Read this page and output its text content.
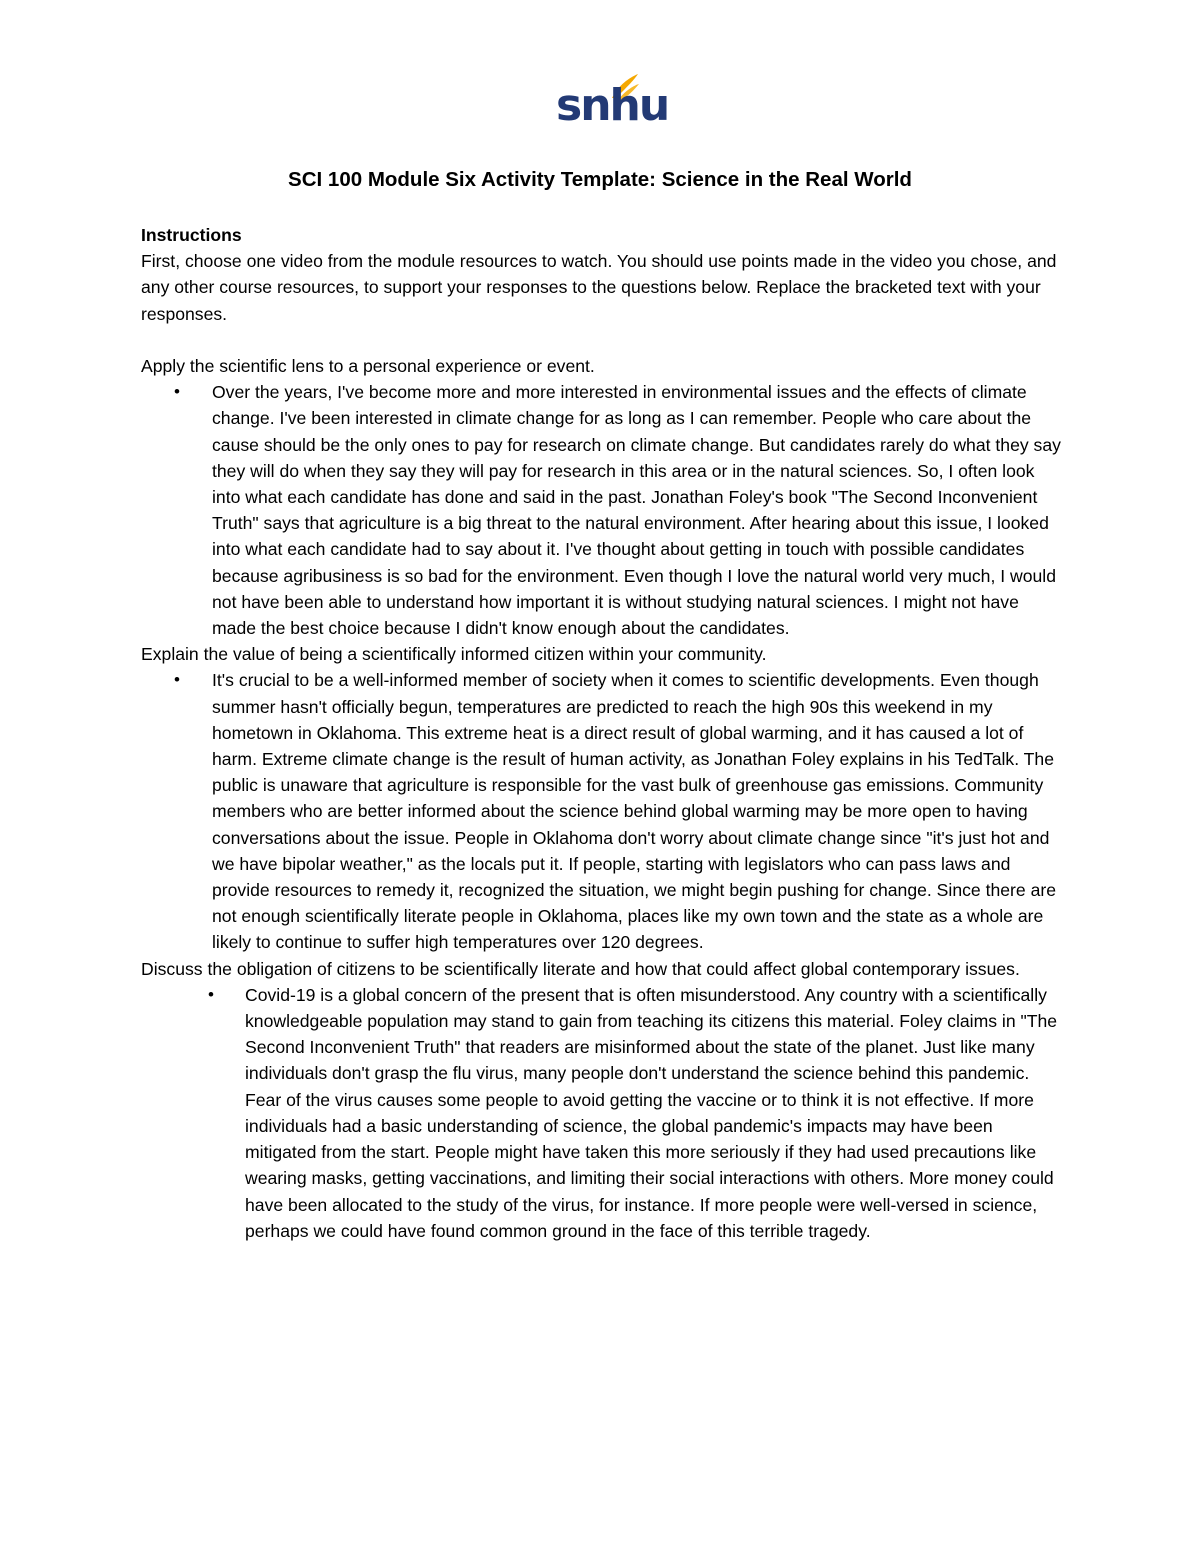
snhu
SCI 100 Module Six Activity Template: Science in the Real World

Instructions

First, choose one video from the module resources to watch. You should use points made in the video you chose, and any other course resources, to support your responses to the questions below. Replace the bracketed text with your responses.

Apply the scientific lens to a personal experience or event.

• Over the years, I've become more and more interested in environmental issues and the effects of climate change. I've been interested in climate change for as long as I can remember. People who care about the cause should be the only ones to pay for research on climate change. But candidates rarely do what they say they will do when they say they will pay for research in this area or in the natural sciences. So, I often look into what each candidate has done and said in the past. Jonathan Foley's book "The Second Inconvenient Truth" says that agriculture is a big threat to the natural environment. After hearing about this issue, I looked into what each candidate had to say about it. I've thought about getting in touch with possible candidates because agribusiness is so bad for the environment. Even though I love the natural world very much, I would not have been able to understand how important it is without studying natural sciences. I might not have made the best choice because I didn't know enough about the candidates.

Explain the value of being a scientifically informed citizen within your community.

• It's crucial to be a well-informed member of society when it comes to scientific developments. Even though summer hasn't officially begun, temperatures are predicted to reach the high 90s this weekend in my hometown in Oklahoma. This extreme heat is a direct result of global warming, and it has caused a lot of harm. Extreme climate change is the result of human activity, as Jonathan Foley explains in his TedTalk. The public is unaware that agriculture is responsible for the vast bulk of greenhouse gas emissions. Community members who are better informed about the science behind global warming may be more open to having conversations about the issue. People in Oklahoma don't worry about climate change since "it's just hot and we have bipolar weather," as the locals put it. If people, starting with legislators who can pass laws and provide resources to remedy it, recognized the situation, we might begin pushing for change. Since there are not enough scientifically literate people in Oklahoma, places like my own town and the state as a whole are likely to continue to suffer high temperatures over 120 degrees.

Discuss the obligation of citizens to be scientifically literate and how that could affect global contemporary issues.

• Covid-19 is a global concern of the present that is often misunderstood. Any country with a scientifically knowledgeable population may stand to gain from teaching its citizens this material. Foley claims in "The Second Inconvenient Truth" that readers are misinformed about the state of the planet. Just like many individuals don't grasp the flu virus, many people don't understand the science behind this pandemic. Fear of the virus causes some people to avoid getting the vaccine or to think it is not effective. If more individuals had a basic understanding of science, the global pandemic's impacts may have been mitigated from the start. People might have taken this more seriously if they had used precautions like wearing masks, getting vaccinations, and limiting their social interactions with others. More money could have been allocated to the study of the virus, for instance. If more people were well-versed in science, perhaps we could have found common ground in the face of this terrible tragedy.
